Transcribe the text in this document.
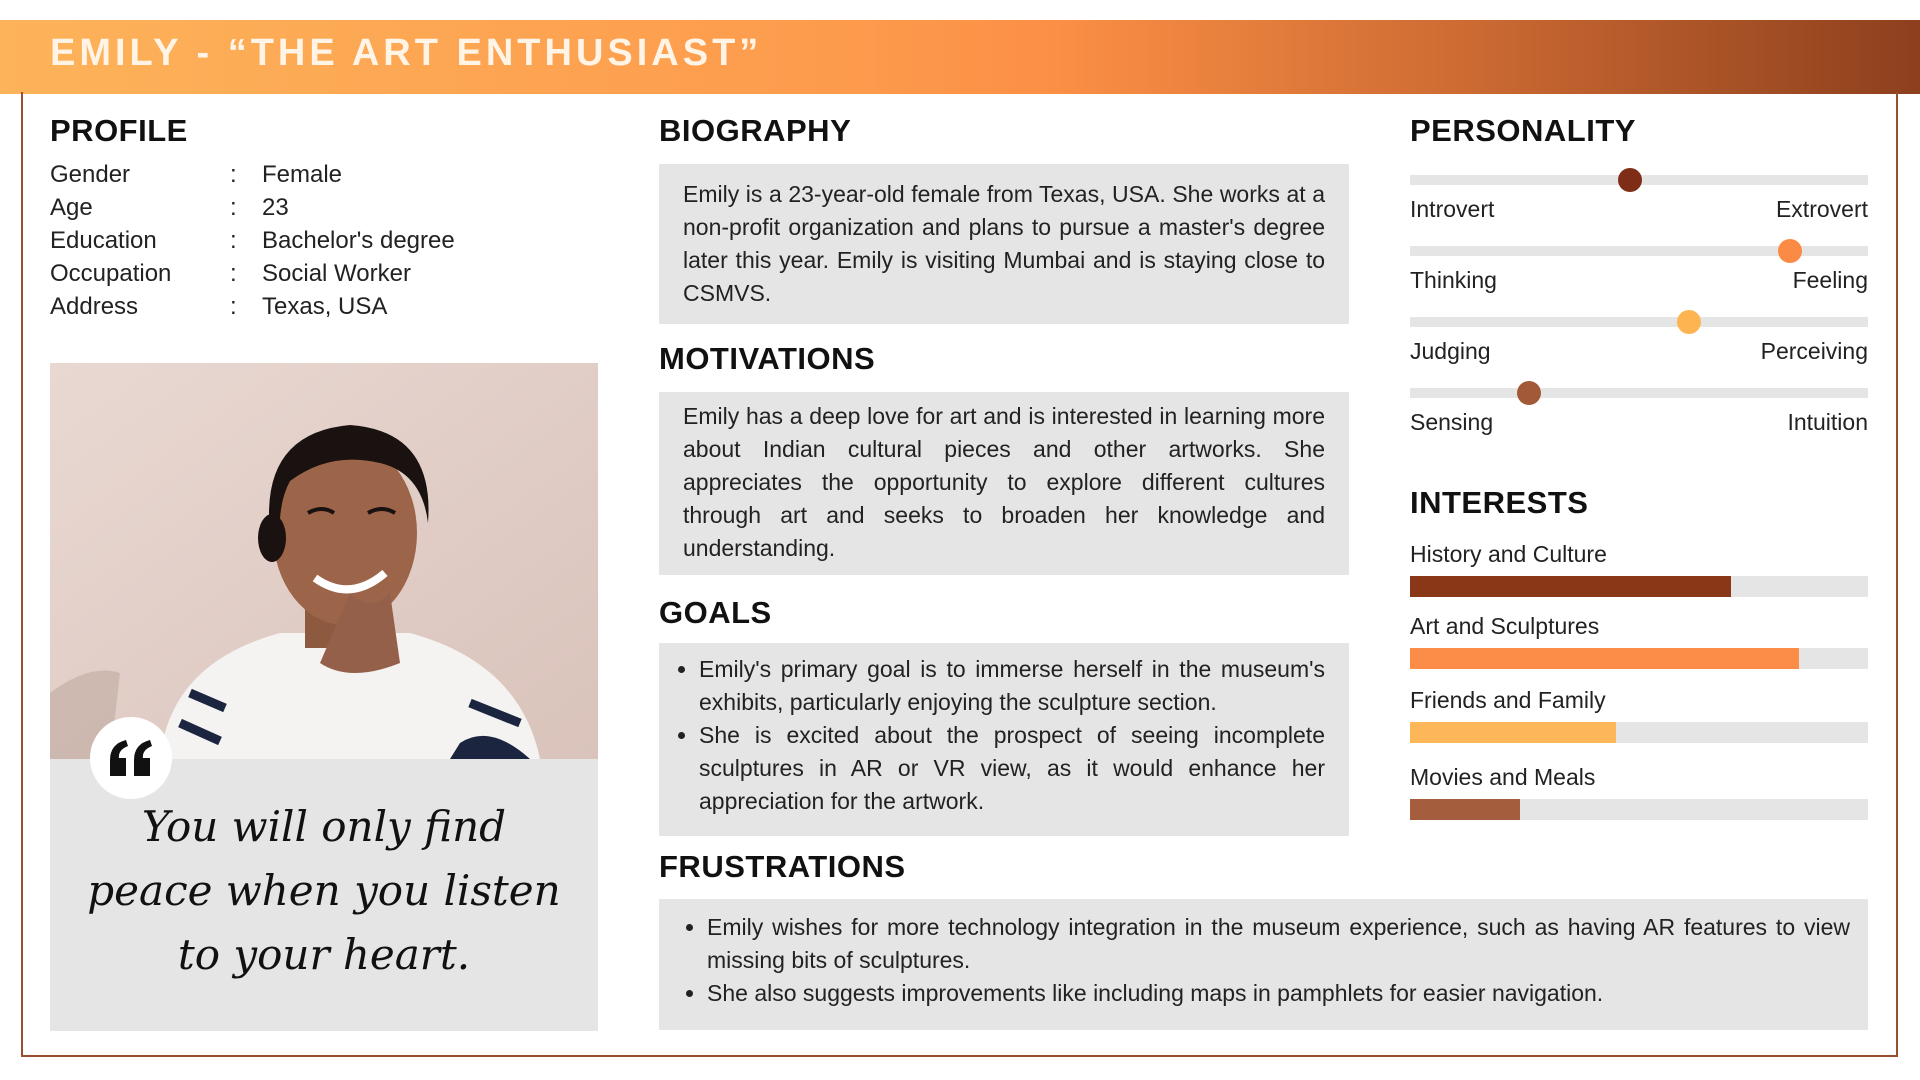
EMILY - “THE ART ENTHUSIAST”
PROFILE
Gender	: Female
Age	: 23
Education	: Bachelor's degree
Occupation : Social Worker
Address	: Texas, USA
You will only find
peace when you listen
to your heart.
BIOGRAPHY
Emily is a 23-year-old female from Texas, USA. She works at a non-profit organization and plans to pursue a master's degree later this year. Emily is visiting Mumbai and is staying close to CSMVS.
MOTIVATIONS
Emily has a deep love for art and is interested in learning more about Indian cultural pieces and other artworks. She appreciates the opportunity to explore different cultures through art and seeks to broaden her knowledge and understanding.
GOALS
• Emily's primary goal is to immerse herself in the museum's exhibits, particularly enjoying the sculpture section.
• She is excited about the prospect of seeing incomplete sculptures in AR or VR view, as it would enhance her appreciation for the artwork.
FRUSTRATIONS
• Emily wishes for more technology integration in the museum experience, such as having AR features to view missing bits of sculptures.
• She also suggests improvements like including maps in pamphlets for easier navigation.
PERSONALITY
Introvert	Extrovert
Thinking	Feeling
Judging	Perceiving
Sensing	Intuition
INTERESTS
History and Culture
Art and Sculptures
Friends and Family
Movies and Meals
